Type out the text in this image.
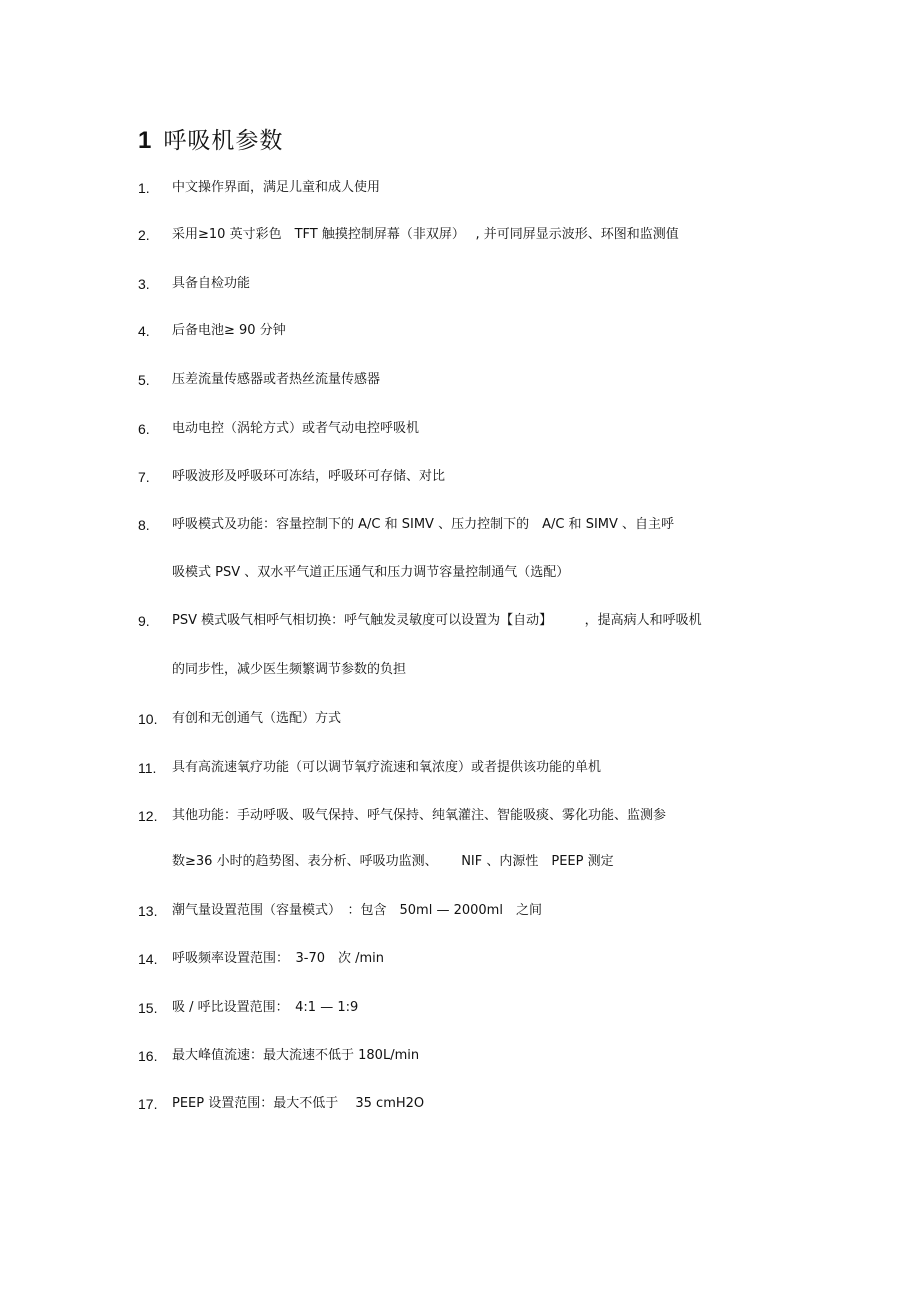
1 呼吸机参数
1.	中文操作界面，满足儿童和成人使用
2.	采用≥10 英寸彩色　TFT 触摸控制屏幕（非双屏）　 , 并可同屏显示波形、环图和监测值
3.	具备自检功能
4.	后备电池≥ 90 分钟
5.	压差流量传感器或者热丝流量传感器
6.	电动电控（涡轮方式）或者气动电控呼吸机
7.	呼吸波形及呼吸环可冻结，呼吸环可存储、对比
8.	呼吸模式及功能：容量控制下的 A/C 和 SIMV 、压力控制下的　A/C 和 SIMV 、自主呼
吸模式 PSV 、双水平气道正压通气和压力调节容量控制通气（选配）
9.	PSV 模式吸气相呼气相切换：呼气触发灵敏度可以设置为【自动】　　　，提高病人和呼吸机
的同步性，减少医生频繁调节参数的负担
10.	有创和无创通气（选配）方式
11.	具有高流速氧疗功能（可以调节氧疗流速和氧浓度）或者提供该功能的单机
12.	其他功能：手动呼吸、吸气保持、呼气保持、纯氧灌注、智能吸痰、雾化功能、监测参
数≥36 小时的趋势图、表分析、呼吸功监测、　　 NIF 、内源性　PEEP 测定
13.	潮气量设置范围（容量模式）　：包含　50ml — 2000ml　之间
14.	呼吸频率设置范围：　3-70　次 /min
15.	吸 / 呼比设置范围：　4:1 — 1:9
16.	最大峰值流速：最大流速不低于 180L/min
17.	PEEP 设置范围：最大不低于　 35 cmH2O
